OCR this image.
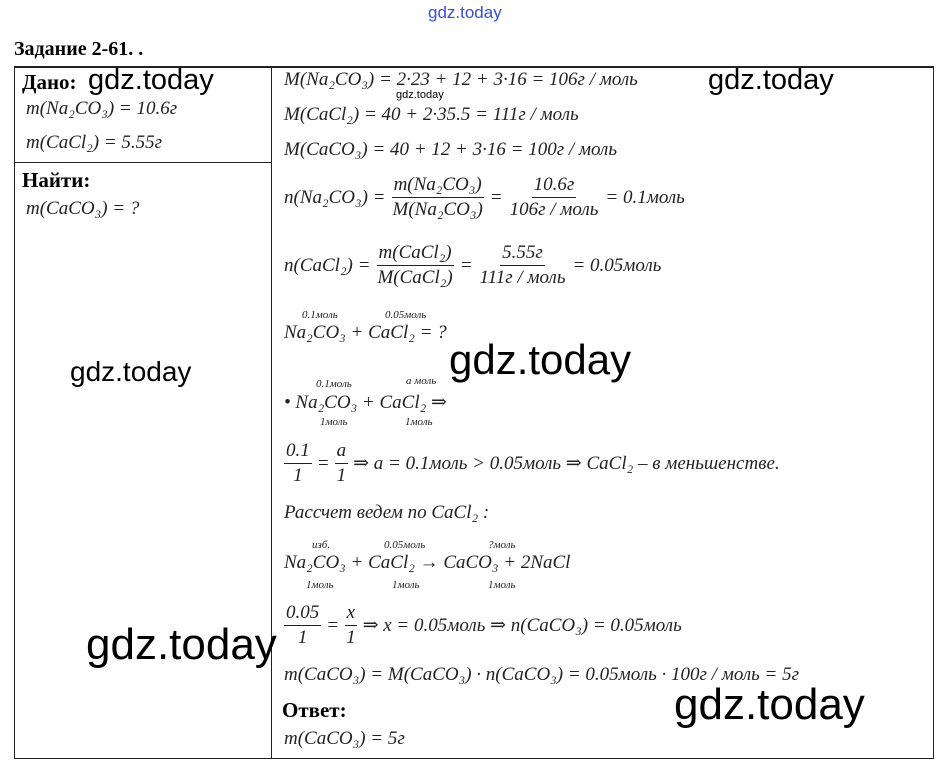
gdz.today
Задание 2-61. .
Дано:
m(Na₂CO₃) = 10.6г
m(CaCl₂) = 5.55г
Найти:
m(CaCO₃) = ?
M(Na₂CO₃) = 2·23 + 12 + 3·16 = 106г / моль
M(CaCl₂) = 40 + 2·35.5 = 111г / моль
M(CaCO₃) = 40 + 12 + 3·16 = 100г / моль
$n(Na_2CO_3) = \frac{\text{m(Na₂CO₃)}}{\text{M(Na₂CO₃)}} = \frac{10.6г}{\text{106г / моль}}$ = 0.1моль
n(CaCl₂) = $\frac{\text{m(CaCl₂)}}{\text{M(CaCl₂)}} = \frac{5.55г}{\text{111г / моль}}$ = 0.05моль
0.1моль	0.05моль
Na₂CO₃ + CaCl₂ = ?
0.1моль	а моль
• Na₂CO₃ + CaCl₂ ⇒
1моль	1моль
$\frac{0.1}{1} = \frac{a}{1}$ ⇒ a = 0.1моль > 0.05моль ⇒ CaCl₂ – в меньшенстве.
Рассчет ведем по CaCl₂ :
изб.	0.05моль	?моль
Na₂CO₃ + CaCl₂ → CaCO₃ + 2NaCl
1моль	1моль	1моль
$\frac{0.05}{1} = \frac{x}{1}$ ⇒ x = 0.05моль ⇒ n(CaCO₃) = 0.05моль
m(CaCO₃) = M(CaCO₃) · n(CaCO₃) = 0.05моль · 100г / моль = 5г
Ответ:
m(CaCO₃) = 5г
gdz.today	gdz.today
gdz.today
gdz.today	gdz.today
gdz.today
gdz.today
